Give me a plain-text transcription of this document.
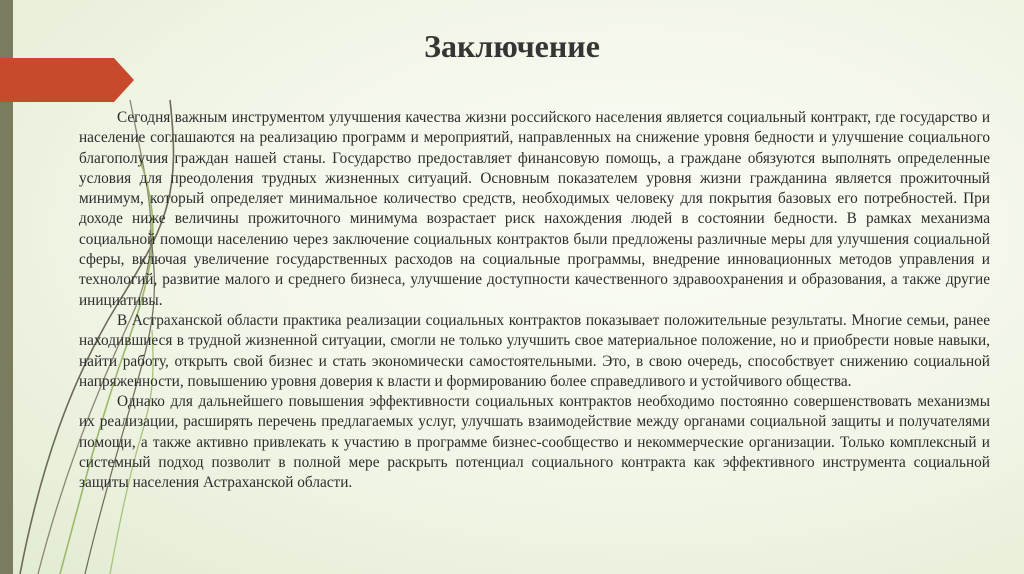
Заключение

Сегодня важным инструментом улучшения качества жизни российского населения является социальный контракт, где государство и население соглашаются на реализацию программ и мероприятий, направленных на снижение уровня бедности и улучшение социального благополучия граждан нашей станы. Государство предоставляет финансовую помощь, а граждане обязуются выполнять определенные условия для преодоления трудных жизненных ситуаций. Основным показателем уровня жизни гражданина является прожиточный минимум, который определяет минимальное количество средств, необходимых человеку для покрытия базовых его потребностей. При доходе ниже величины прожиточного минимума возрастает риск нахождения людей в состоянии бедности. В рамках механизма социальной помощи населению через заключение социальных контрактов были предложены различные меры для улучшения социальной сферы, включая увеличение государственных расходов на социальные программы, внедрение инновационных методов управления и технологий, развитие малого и среднего бизнеса, улучшение доступности качественного здравоохранения и образования, а также другие инициативы.

В Астраханской области практика реализации социальных контрактов показывает положительные результаты. Многие семьи, ранее находившиеся в трудной жизненной ситуации, смогли не только улучшить свое материальное положение, но и приобрести новые навыки, найти работу, открыть свой бизнес и стать экономически самостоятельными. Это, в свою очередь, способствует снижению социальной напряженности, повышению уровня доверия к власти и формированию более справедливого и устойчивого общества.

Однако для дальнейшего повышения эффективности социальных контрактов необходимо постоянно совершенствовать механизмы их реализации, расширять перечень предлагаемых услуг, улучшать взаимодействие между органами социальной защиты и получателями помощи, а также активно привлекать к участию в программе бизнес-сообщество и некоммерческие организации. Только комплексный и системный подход позволит в полной мере раскрыть потенциал социального контракта как эффективного инструмента социальной защиты населения Астраханской области.
